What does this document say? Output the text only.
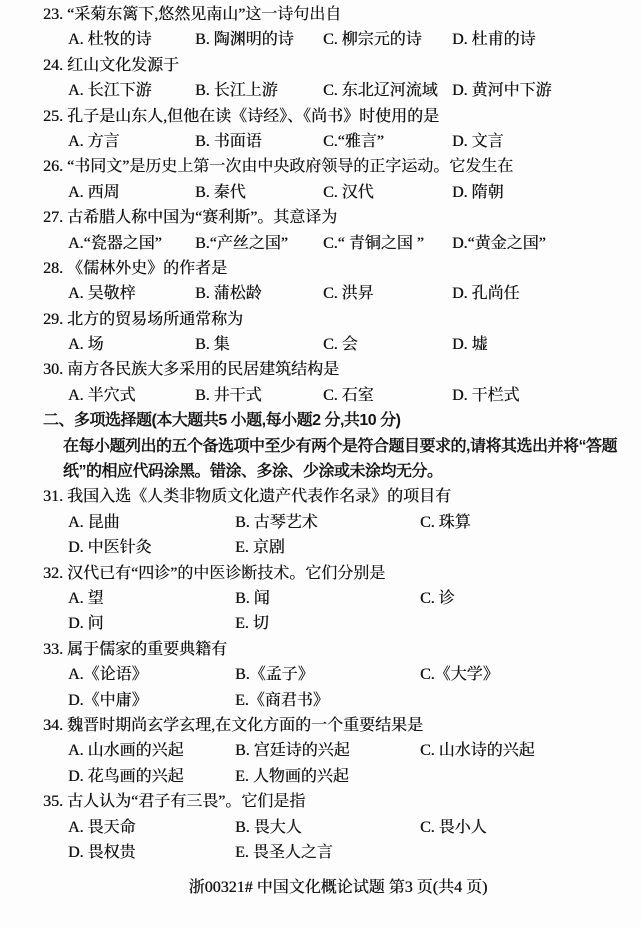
23. “采菊东篱下,悠然见南山”这一诗句出自
A. 杜牧的诗	B. 陶渊明的诗	C. 柳宗元的诗	D. 杜甫的诗
24. 红山文化发源于
A. 长江下游	B. 长江上游	C. 东北辽河流域 D. 黄河中下游
25. 孔子是山东人,但他在读《诗经》、《尚书》时使用的是
A. 方言	B. 书面语	C.“雅言”	D. 文言
26. “书同文”是历史上第一次由中央政府领导的正字运动。它发生在
A. 西周	B. 秦代	C. 汉代	D. 隋朝
27. 古希腊人称中国为“赛利斯”。其意译为
A.“瓷器之国”	B.“产丝之国”	C.“ 青铜之国 ”	D.“黄金之国”
28. 《儒林外史》的作者是
A. 吴敬梓	B. 蒲松龄	C. 洪昇	D. 孔尚任
29. 北方的贸易场所通常称为
A. 场	B. 集	C. 会	D. 墟
30. 南方各民族大多采用的民居建筑结构是
A. 半穴式	B. 井干式	C. 石室	D. 干栏式
二、多项选择题(本大题共5 小题,每小题2 分,共10 分)
在每小题列出的五个备选项中至少有两个是符合题目要求的,请将其选出并将“答题
纸”的相应代码涂黑。错涂、多涂、少涂或未涂均无分。
31. 我国入选《人类非物质文化遗产代表作名录》的项目有
A. 昆曲	B. 古琴艺术	C. 珠算
D. 中医针灸	E. 京剧
32. 汉代已有“四诊”的中医诊断技术。它们分别是
A. 望	B. 闻	C. 诊
D. 问	E. 切
33. 属于儒家的重要典籍有
A.《论语》	B.《孟子》	C.《大学》
D.《中庸》	E.《商君书》
34. 魏晋时期尚玄学玄理,在文化方面的一个重要结果是
A. 山水画的兴起	B. 宫廷诗的兴起	C. 山水诗的兴起
D. 花鸟画的兴起	E. 人物画的兴起
35. 古人认为“君子有三畏”。它们是指
A. 畏天命	B. 畏大人	C. 畏小人
D. 畏权贵	E. 畏圣人之言
浙00321# 中国文化概论试题 第3 页(共4 页)
